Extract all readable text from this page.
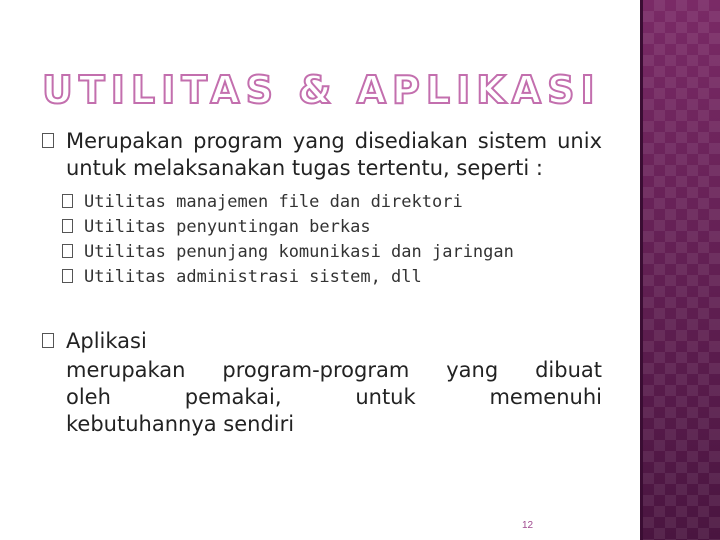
UTILITAS & APLIKASI
Merupakan program yang disediakan sistem unix untuk melaksanakan tugas tertentu, seperti :
Utilitas manajemen file dan direktori
Utilitas penyuntingan berkas
Utilitas penunjang komunikasi dan jaringan
Utilitas administrasi sistem, dll
Aplikasi
merupakan program-program yang dibuat
oleh pemakai, untuk memenuhi
kebutuhannya sendiri
12
